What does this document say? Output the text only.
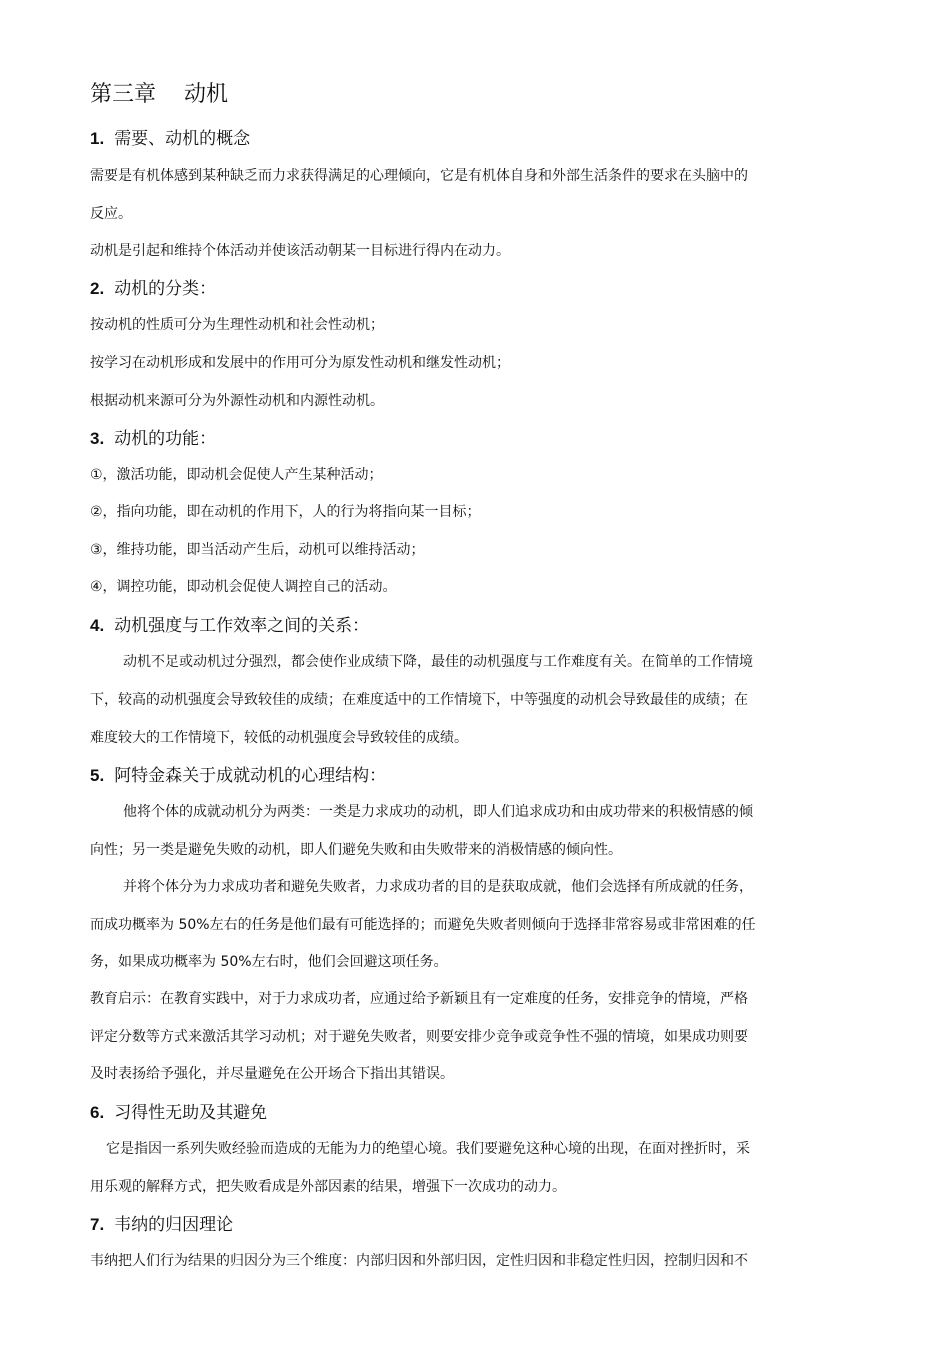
第三章    动机
1. 需要、动机的概念
需要是有机体感到某种缺乏而力求获得满足的心理倾向，它是有机体自身和外部生活条件的要求在头脑中的
反应。
动机是引起和维持个体活动并使该活动朝某一目标进行得内在动力。
2. 动机的分类：
按动机的性质可分为生理性动机和社会性动机；
按学习在动机形成和发展中的作用可分为原发性动机和继发性动机；
根据动机来源可分为外源性动机和内源性动机。
3. 动机的功能：
①，激活功能，即动机会促使人产生某种活动；
②，指向功能，即在动机的作用下，人的行为将指向某一目标；
③，维持功能，即当活动产生后，动机可以维持活动；
④，调控功能，即动机会促使人调控自己的活动。
4. 动机强度与工作效率之间的关系：
动机不足或动机过分强烈，都会使作业成绩下降，最佳的动机强度与工作难度有关。在简单的工作情境
下，较高的动机强度会导致较佳的成绩；在难度适中的工作情境下，中等强度的动机会导致最佳的成绩；在
难度较大的工作情境下，较低的动机强度会导致较佳的成绩。
5. 阿特金森关于成就动机的心理结构：
他将个体的成就动机分为两类：一类是力求成功的动机，即人们追求成功和由成功带来的积极情感的倾
向性；另一类是避免失败的动机，即人们避免失败和由失败带来的消极情感的倾向性。
并将个体分为力求成功者和避免失败者，力求成功者的目的是获取成就，他们会选择有所成就的任务，
而成功概率为 50%左右的任务是他们最有可能选择的；而避免失败者则倾向于选择非常容易或非常困难的任
务，如果成功概率为 50%左右时，他们会回避这项任务。
教育启示：在教育实践中，对于力求成功者，应通过给予新颖且有一定难度的任务，安排竞争的情境，严格
评定分数等方式来激活其学习动机；对于避免失败者，则要安排少竞争或竞争性不强的情境，如果成功则要
及时表扬给予强化，并尽量避免在公开场合下指出其错误。
6. 习得性无助及其避免
它是指因一系列失败经验而造成的无能为力的绝望心境。我们要避免这种心境的出现，在面对挫折时，采
用乐观的解释方式，把失败看成是外部因素的结果，增强下一次成功的动力。
7. 韦纳的归因理论
韦纳把人们行为结果的归因分为三个维度：内部归因和外部归因，定性归因和非稳定性归因，控制归因和不
